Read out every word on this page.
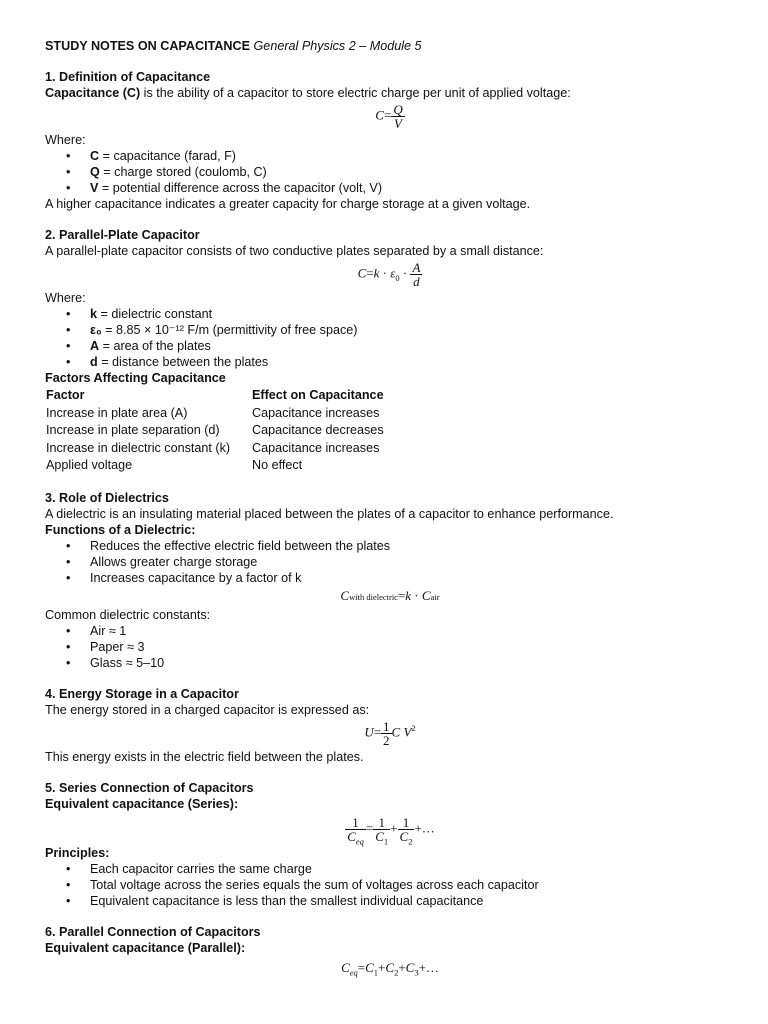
STUDY NOTES ON CAPACITANCE General Physics 2 – Module 5

1. Definition of Capacitance

Capacitance (C) is the ability of a capacitor to store electric charge per unit of applied voltage:

$C= \frac{Q}{V}$

Where:

• C = capacitance (farad, F)
• Q = charge stored (coulomb, C)
• V = potential difference across the capacitor (volt, V)

A higher capacitance indicates a greater capacity for charge storage at a given voltage.

2. Parallel-Plate Capacitor

A parallel-plate capacitor consists of two conductive plates separated by a small distance:

$C=k \cdot \varepsilon_0 \cdot \frac{A}{d}$

Where:

• k = dielectric constant
• ε₀ = 8.85 × 10⁻¹² F/m (permittivity of free space)
• A = area of the plates
• d = distance between the plates
Factors Affecting Capacitance
Factor	Effect on Capacitance
Increase in plate area (A)	Capacitance increases
Increase in plate separation (d)	Capacitance decreases
Increase in dielectric constant (k)	Capacitance increases
Applied voltage	No effect
3. Role of Dielectrics

A dielectric is an insulating material placed between the plates of a capacitor to enhance performance.

Functions of a Dielectric:
• Reduces the effective electric field between the plates
• Allows greater charge storage
• Increases capacitance by a factor of k
Cwith dielectric=k · Cair

Common dielectric constants:

• Air ≈ 1
• Paper ≈ 3
• Glass ≈ 5–10
4. Energy Storage in a Capacitor

The energy stored in a charged capacitor is expressed as:

$U= \frac{1}{2}$ C $V^2$

This energy exists in the electric field between the plates.

5. Series Connection of Capacitors
Equivalent capacitance (Series):
$\frac{1}{C_{eq}} = \frac{1}{C_1} + \frac{1}{C_2}$ +…
Principles:
• Each capacitor carries the same charge
• Total voltage across the series equals the sum of voltages across each capacitor
• Equivalent capacitance is less than the smallest individual capacitance
6. Parallel Connection of Capacitors
Equivalent capacitance (Parallel):
$C_{eq}=C_1+C_2+C_3+\dots$
